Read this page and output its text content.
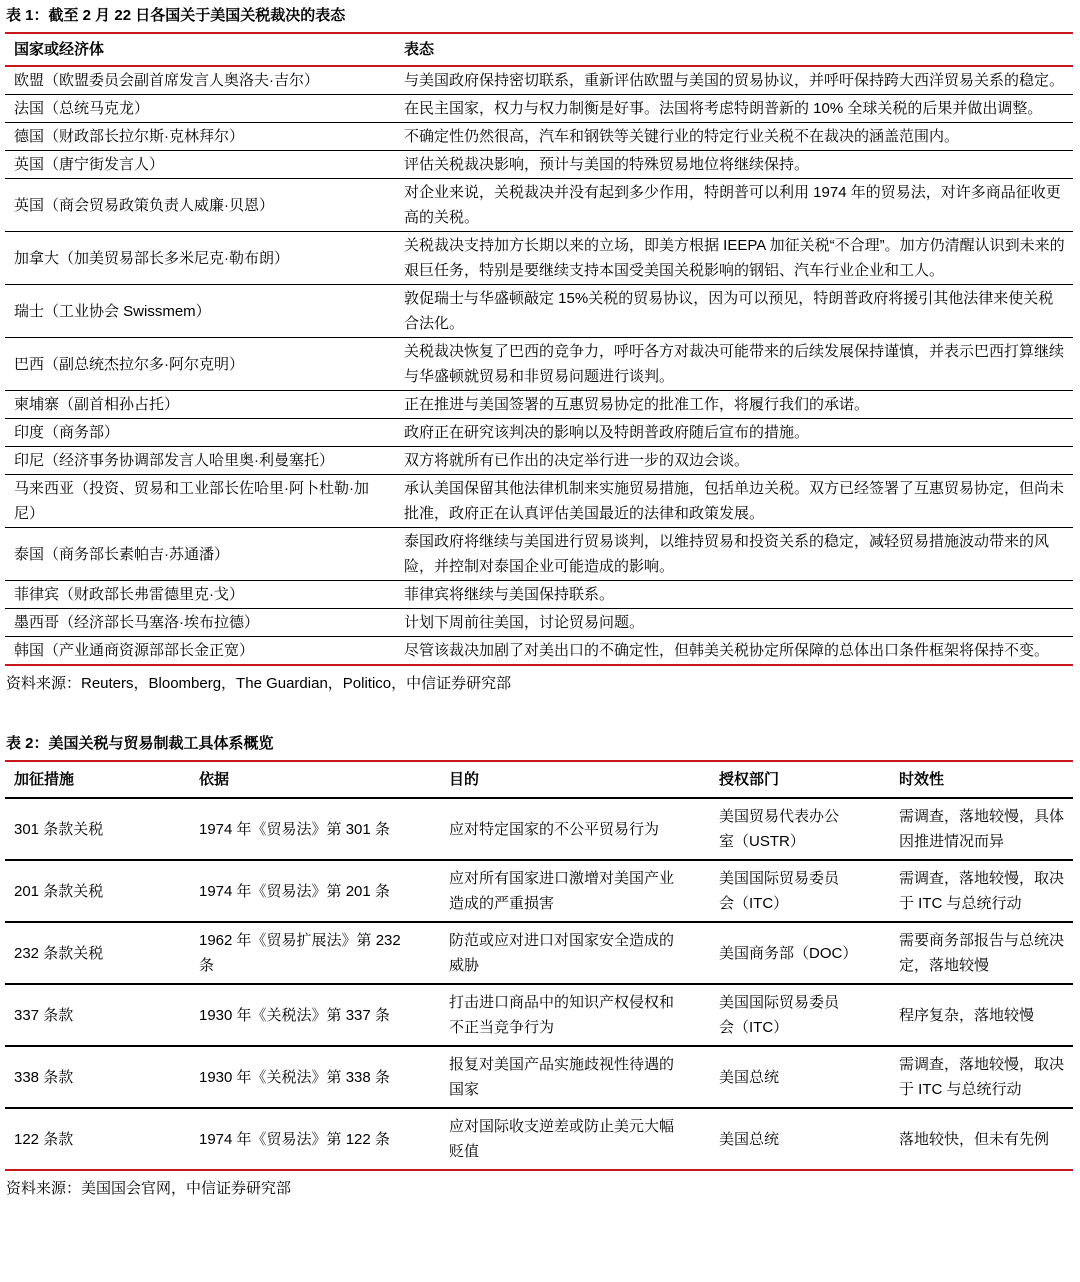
表 1：截至 2 月 22 日各国关于美国关税裁决的表态
国家或经济体	表态
欧盟（欧盟委员会副首席发言人奥洛夫·吉尔）	与美国政府保持密切联系，重新评估欧盟与美国的贸易协议，并呼吁保持跨大西洋贸易关系的稳定。
法国（总统马克龙）	在民主国家，权力与权力制衡是好事。法国将考虑特朗普新的 10% 全球关税的后果并做出调整。
德国（财政部长拉尔斯·克林拜尔）	不确定性仍然很高，汽车和钢铁等关键行业的特定行业关税不在裁决的涵盖范围内。
英国（唐宁街发言人）	评估关税裁决影响，预计与美国的特殊贸易地位将继续保持。
英国（商会贸易政策负责人威廉·贝恩）	对企业来说，关税裁决并没有起到多少作用，特朗普可以利用 1974 年的贸易法，对许多商品征收更高的关税。
加拿大（加美贸易部长多米尼克·勒布朗）	关税裁决支持加方长期以来的立场，即美方根据 IEEPA 加征关税“不合理”。加方仍清醒认识到未来的艰巨任务，特别是要继续支持本国受美国关税影响的钢铝、汽车行业企业和工人。
瑞士（工业协会 Swissmem）	敦促瑞士与华盛顿敲定 15%关税的贸易协议，因为可以预见，特朗普政府将援引其他法律来使关税合法化。
巴西（副总统杰拉尔多·阿尔克明）	关税裁决恢复了巴西的竞争力，呼吁各方对裁决可能带来的后续发展保持谨慎，并表示巴西打算继续与华盛顿就贸易和非贸易问题进行谈判。
柬埔寨（副首相孙占托）	正在推进与美国签署的互惠贸易协定的批准工作，将履行我们的承诺。
印度（商务部）	政府正在研究该判决的影响以及特朗普政府随后宣布的措施。
印尼（经济事务协调部发言人哈里奥·利曼塞托）	双方将就所有已作出的决定举行进一步的双边会谈。
马来西亚（投资、贸易和工业部长佐哈里·阿卜杜勒·加尼）	承认美国保留其他法律机制来实施贸易措施，包括单边关税。双方已经签署了互惠贸易协定，但尚未批准，政府正在认真评估美国最近的法律和政策发展。
泰国（商务部长素帕吉·苏通潘）	泰国政府将继续与美国进行贸易谈判，以维持贸易和投资关系的稳定，减轻贸易措施波动带来的风险，并控制对泰国企业可能造成的影响。
菲律宾（财政部长弗雷德里克·戈）	菲律宾将继续与美国保持联系。
墨西哥（经济部长马塞洛·埃布拉德）	计划下周前往美国，讨论贸易问题。
韩国（产业通商资源部部长金正宽）	尽管该裁决加剧了对美出口的不确定性，但韩美关税协定所保障的总体出口条件框架将保持不变。
资料来源：Reuters，Bloomberg，The Guardian，Politico，中信证券研究部
表 2：美国关税与贸易制裁工具体系概览
加征措施	依据	目的	授权部门	时效性
301 条款关税	1974 年《贸易法》第 301 条	应对特定国家的不公平贸易行为	美国贸易代表办公室（USTR）	需调查，落地较慢，具体因推进情况而异
201 条款关税	1974 年《贸易法》第 201 条	应对所有国家进口激增对美国产业造成的严重损害	美国国际贸易委员会（ITC）	需调查，落地较慢，取决于 ITC 与总统行动
232 条款关税	1962 年《贸易扩展法》第 232 条	防范或应对进口对国家安全造成的威胁	美国商务部（DOC）	需要商务部报告与总统决定，落地较慢
337 条款	1930 年《关税法》第 337 条	打击进口商品中的知识产权侵权和不正当竞争行为	美国国际贸易委员会（ITC）	程序复杂，落地较慢
338 条款	1930 年《关税法》第 338 条	报复对美国产品实施歧视性待遇的国家	美国总统	需调查，落地较慢，取决于 ITC 与总统行动
122 条款	1974 年《贸易法》第 122 条	应对国际收支逆差或防止美元大幅贬值	美国总统	落地较快，但未有先例
资料来源：美国国会官网，中信证券研究部
